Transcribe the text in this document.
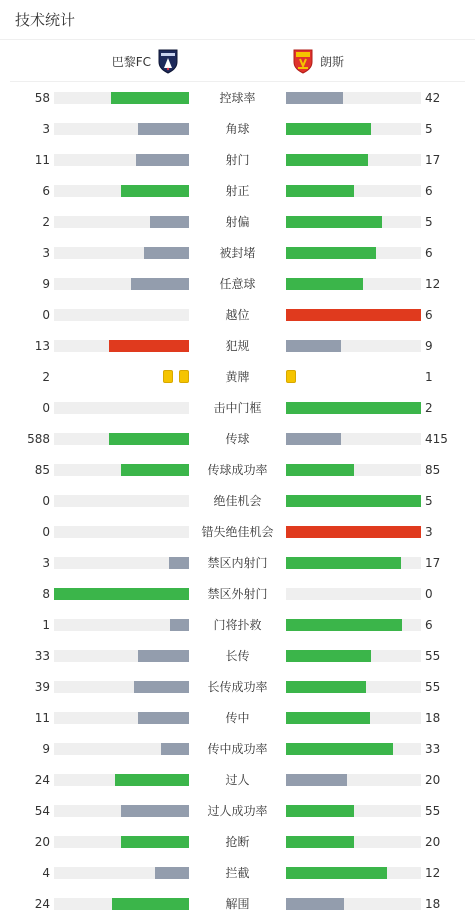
技术统计
巴黎FC	朗斯
58	控球率	42
3	角球	5
11	射门	17
6	射正	6
2	射偏	5
3	被封堵	6
9	任意球	12
0	越位	6
13	犯规	9
2	黄牌	1
0	击中门框	2
588	传球	415
85	传球成功率	85
0	绝佳机会	5
0	错失绝佳机会	3
3	禁区内射门	17
8	禁区外射门	0
1	门将扑救	6
33	长传	55
39	长传成功率	55
11	传中	18
9	传中成功率	33
24	过人	20
54	过人成功率	55
20	抢断	20
4	拦截	12
24	解围	18
